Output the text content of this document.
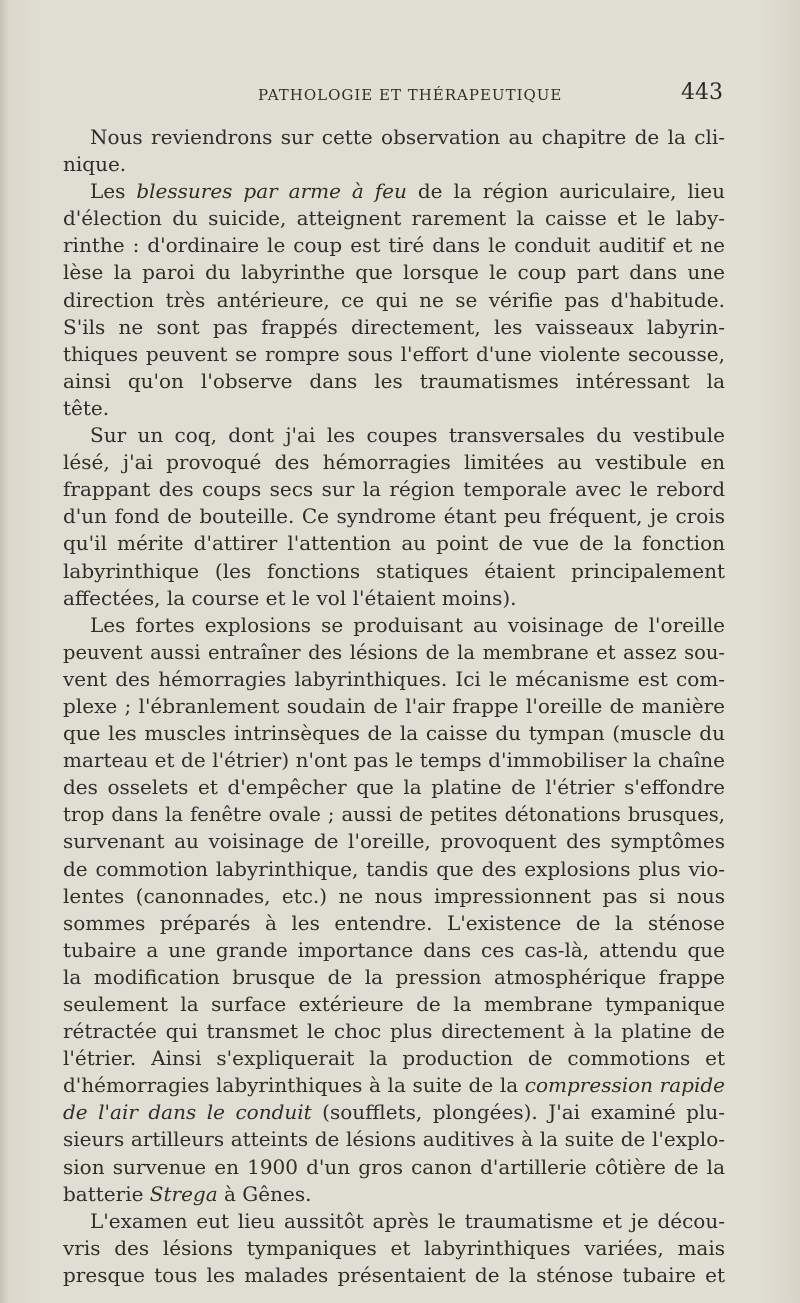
PATHOLOGIE ET THÉRAPEUTIQUE	443
Nous reviendrons sur cette observation au chapitre de la cli-
nique.
Les blessures par arme à feu de la région auriculaire, lieu
d'élection du suicide, atteignent rarement la caisse et le laby-
rinthe : d'ordinaire le coup est tiré dans le conduit auditif et ne
lèse la paroi du labyrinthe que lorsque le coup part dans une
direction très antérieure, ce qui ne se vérifie pas d'habitude.
S'ils ne sont pas frappés directement, les vaisseaux labyrin-
thiques peuvent se rompre sous l'effort d'une violente secousse,
ainsi qu'on l'observe dans les traumatismes intéressant la
tête.
Sur un coq, dont j'ai les coupes transversales du vestibule
lésé, j'ai provoqué des hémorragies limitées au vestibule en
frappant des coups secs sur la région temporale avec le rebord
d'un fond de bouteille. Ce syndrome étant peu fréquent, je crois
qu'il mérite d'attirer l'attention au point de vue de la fonction
labyrinthique (les fonctions statiques étaient principalement
affectées, la course et le vol l'étaient moins).
Les fortes explosions se produisant au voisinage de l'oreille
peuvent aussi entraîner des lésions de la membrane et assez sou-
vent des hémorragies labyrinthiques. Ici le mécanisme est com-
plexe ; l'ébranlement soudain de l'air frappe l'oreille de manière
que les muscles intrinsèques de la caisse du tympan (muscle du
marteau et de l'étrier) n'ont pas le temps d'immobiliser la chaîne
des osselets et d'empêcher que la platine de l'étrier s'effondre
trop dans la fenêtre ovale ; aussi de petites détonations brusques,
survenant au voisinage de l'oreille, provoquent des symptômes
de commotion labyrinthique, tandis que des explosions plus vio-
lentes (canonnades, etc.) ne nous impressionnent pas si nous
sommes préparés à les entendre. L'existence de la sténose
tubaire a une grande importance dans ces cas-là, attendu que
la modification brusque de la pression atmosphérique frappe
seulement la surface extérieure de la membrane tympanique
rétractée qui transmet le choc plus directement à la platine de
l'étrier. Ainsi s'expliquerait la production de commotions et
d'hémorragies labyrinthiques à la suite de la compression rapide
de l'air dans le conduit (soufflets, plongées). J'ai examiné plu-
sieurs artilleurs atteints de lésions auditives à la suite de l'explo-
sion survenue en 1900 d'un gros canon d'artillerie côtière de la
batterie Strega à Gênes.
L'examen eut lieu aussitôt après le traumatisme et je décou-
vris des lésions tympaniques et labyrinthiques variées, mais
presque tous les malades présentaient de la sténose tubaire et
